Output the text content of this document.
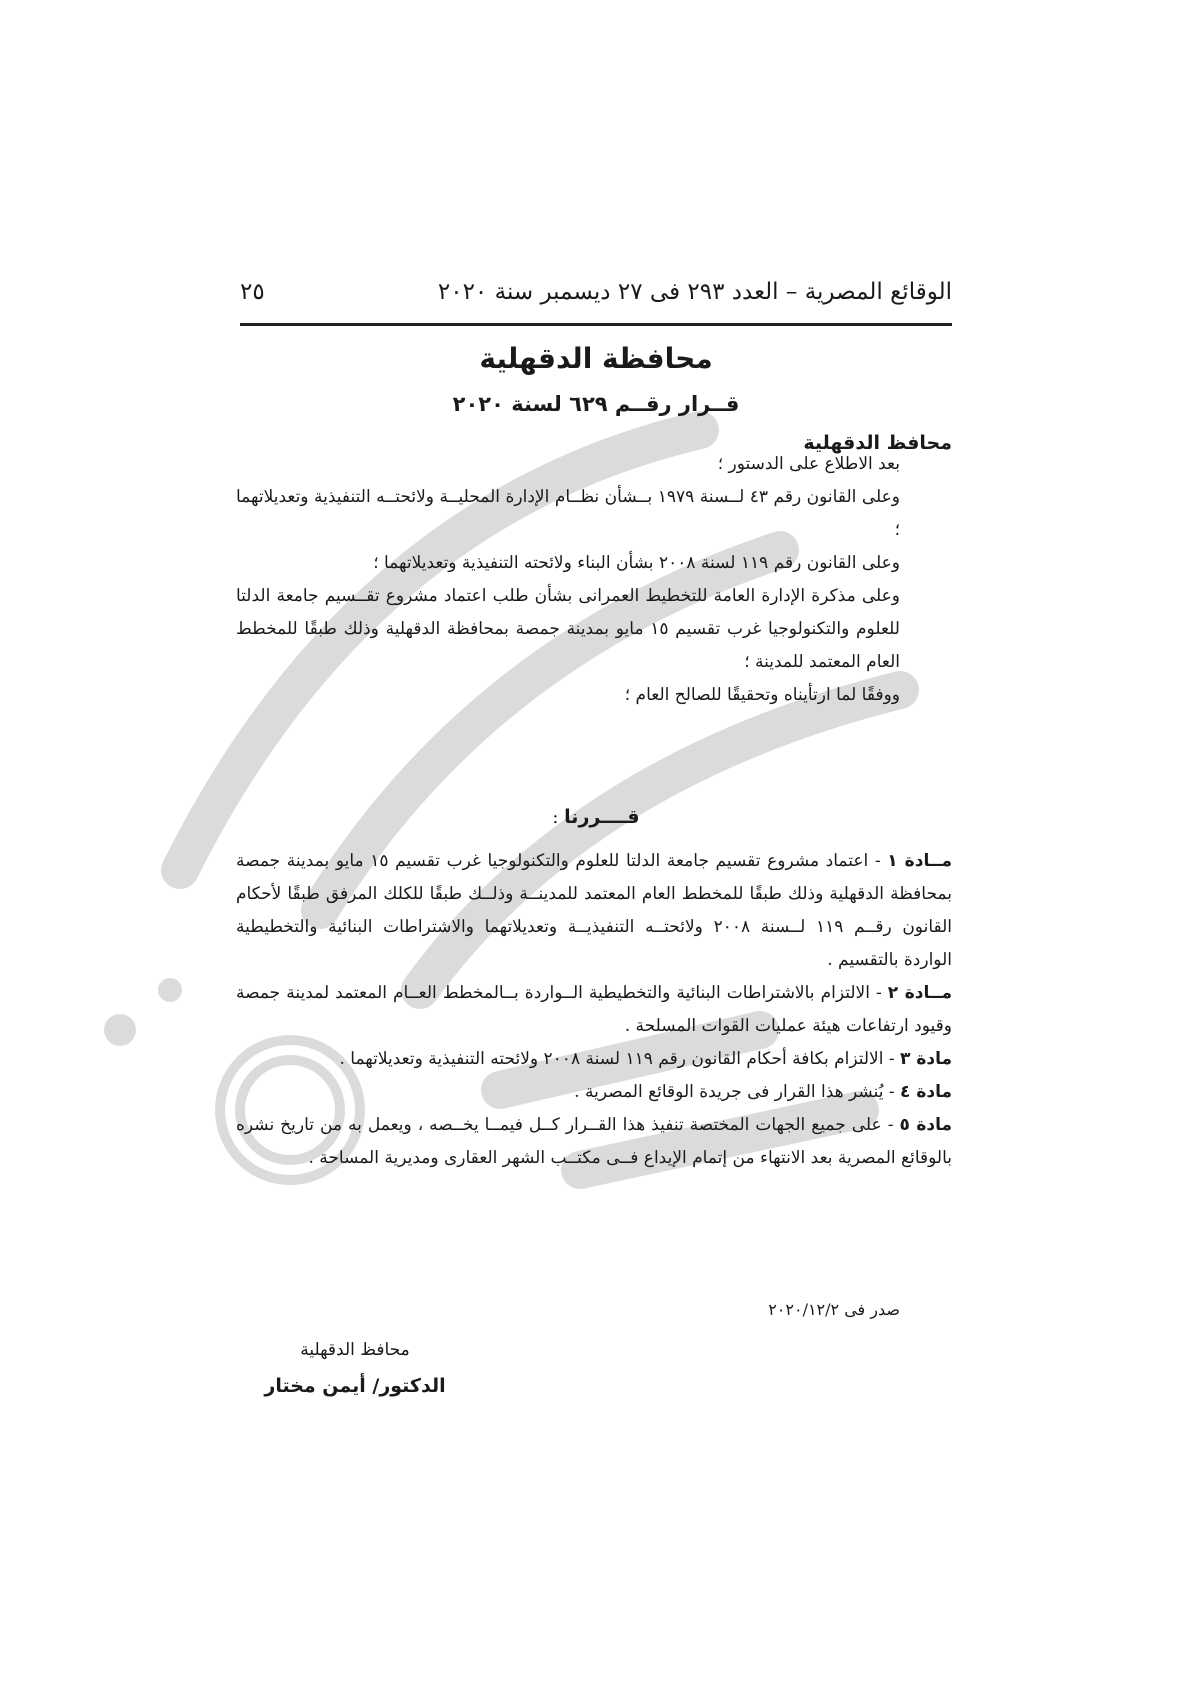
الوقائع المصرية – العدد ٢٩٣ فى ٢٧ ديسمبر سنة ٢٠٢٠
٢٥
محافظة الدقهلية
قــرار رقــم ٦٢٩ لسنة ٢٠٢٠
محافظ الدقهلية

بعد الاطلاع على الدستور ؛

وعلى القانون رقم ٤٣ لــسنة ١٩٧٩ بــشأن نظــام الإدارة المحليــة ولائحتــه التنفيذية وتعديلاتهما ؛

وعلى القانون رقم ١١٩ لسنة ٢٠٠٨ بشأن البناء ولائحته التنفيذية وتعديلاتهما ؛

وعلى مذكرة الإدارة العامة للتخطيط العمرانى بشأن طلب اعتماد مشروع تقــسيم جامعة الدلتا للعلوم والتكنولوجيا غرب تقسيم ١٥ مايو بمدينة جمصة بمحافظة الدقهلية وذلك طبقًا للمخطط العام المعتمد للمدينة ؛

ووفقًا لما ارتأيناه وتحقيقًا للصالح العام ؛

قــــررنا :

مــادة ١ - اعتماد مشروع تقسيم جامعة الدلتا للعلوم والتكنولوجيا غرب تقسيم ١٥ مايو بمدينة جمصة بمحافظة الدقهلية وذلك طبقًا للمخطط العام المعتمد للمدينــة وذلــك طبقًا للكلك المرفق طبقًا لأحكام القانون رقــم ١١٩ لــسنة ٢٠٠٨ ولائحتــه التنفيذيــة وتعديلاتهما والاشتراطات البنائية والتخطيطية الواردة بالتقسيم .

مــادة ٢ - الالتزام بالاشتراطات البنائية والتخطيطية الــواردة بــالمخطط العــام المعتمد لمدينة جمصة وقيود ارتفاعات هيئة عمليات القوات المسلحة .

مادة ٣ - الالتزام بكافة أحكام القانون رقم ١١٩ لسنة ٢٠٠٨ ولائحته التنفيذية وتعديلاتهما .

مادة ٤ - يُنشر هذا القرار فى جريدة الوقائع المصرية .

مادة ٥ - على جميع الجهات المختصة تنفيذ هذا القــرار كــل فيمــا يخــصه ، ويعمل به من تاريخ نشره بالوقائع المصرية بعد الانتهاء من إتمام الإيداع فــى مكتــب الشهر العقارى ومديرية المساحة .

صدر فى ٢٠٢٠/١٢/٢
محافظ الدقهلية
الدكتور/ أيمن مختار
